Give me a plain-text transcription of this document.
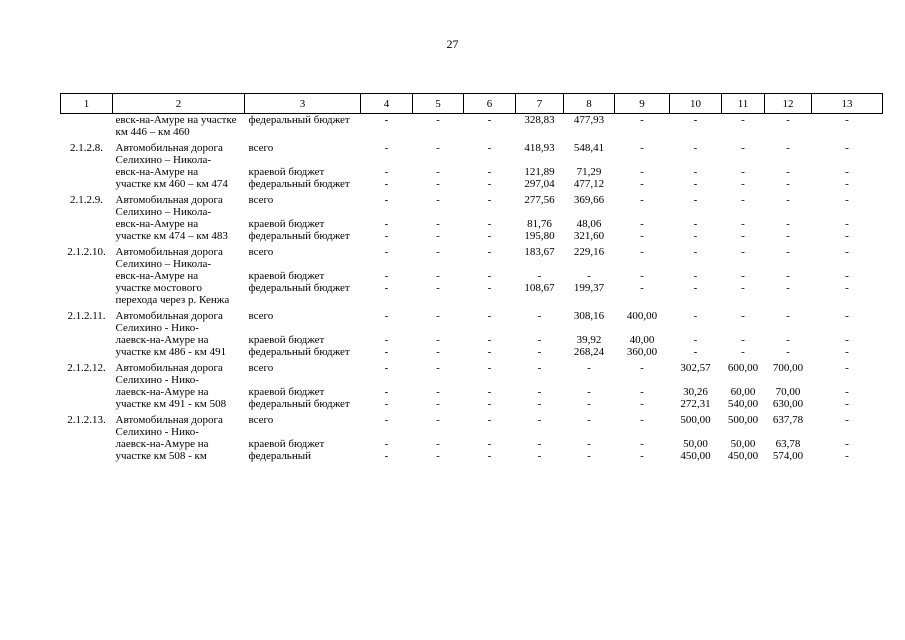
27
1	2	3	4	5	6	7	8	9	10	11	12	13
	евск-на-Амуре на участке км 446 – км 460	федеральный бюджет	-	-	-	328,83	477,93	-	-	-	-	-
2.1.2.8.	Автомобильная дорога Селихино – Никола-	всего	-	-	-	418,93	548,41	-	-	-	-	-
	евск-на-Амуре на	краевой бюджет	-	-	-	121,89	71,29	-	-	-	-	-
	участке км 460 – км 474	федеральный бюджет	-	-	-	297,04	477,12	-	-	-	-	-
2.1.2.9.	Автомобильная дорога Селихино – Никола-	всего	-	-	-	277,56	369,66	-	-	-	-	-
	евск-на-Амуре на	краевой бюджет	-	-	-	81,76	48,06	-	-	-	-	-
	участке км 474 – км 483	федеральный бюджет	-	-	-	195,80	321,60	-	-	-	-	-
2.1.2.10.	Автомобильная дорога Селихино – Никола-	всего	-	-	-	183,67	229,16	-	-	-	-	-
	евск-на-Амуре на	краевой бюджет	-	-	-	-	-	-	-	-	-	-
	участке мостового перехода через р. Кенжа	федеральный бюджет	-	-	-	108,67	199,37	-	-	-	-	-
2.1.2.11.	Автомобильная дорога Селихино - Нико-	всего	-	-	-	-	308,16	400,00	-	-	-	-
	лаевск-на-Амуре на	краевой бюджет	-	-	-	-	39,92	40,00	-	-	-	-
	участке км 486 - км 491	федеральный бюджет	-	-	-	-	268,24	360,00	-	-	-	-
2.1.2.12.	Автомобильная дорога Селихино - Нико-	всего	-	-	-	-	-	-	302,57	600,00	700,00	-
	лаевск-на-Амуре на	краевой бюджет	-	-	-	-	-	-	30,26	60,00	70,00	-
	участке км 491 - км 508	федеральный бюджет	-	-	-	-	-	-	272,31	540,00	630,00	-
2.1.2.13.	Автомобильная дорога Селихино - Нико-	всего	-	-	-	-	-	-	500,00	500,00	637,78	-
	лаевск-на-Амуре на	краевой бюджет	-	-	-	-	-	-	50,00	50,00	63,78	-
	участке км 508 - км	федеральный	-	-	-	-	-	-	450,00	450,00	574,00	-
